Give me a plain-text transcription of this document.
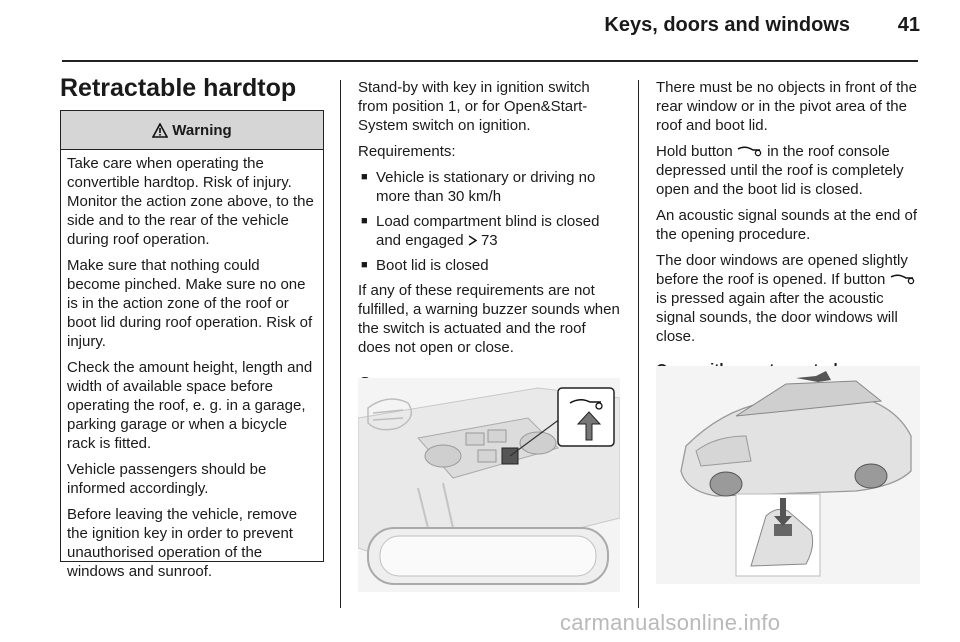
Keys, doors and windows 41
Retractable hardtop
Warning

Take care when operating the convertible hardtop. Risk of injury. Monitor the action zone above, to the side and to the rear of the vehicle during roof operation.

Make sure that nothing could become pinched. Make sure no one is in the action zone of the roof or boot lid during roof operation. Risk of injury.

Check the amount height, length and width of available space before operating the roof, e. g. in a garage, parking garage or when a bicycle rack is fitted.

Vehicle passengers should be informed accordingly.

Before leaving the vehicle, remove the ignition key in order to prevent unauthorised operation of the windows and sunroof.

Stand-by with key in ignition switch from position 1, or for Open&Start-System switch on ignition.

Requirements:

■ Vehicle is stationary or driving no more than 30 km/h
■ Load compartment blind is closed and engaged 73
■ Boot lid is closed

If any of these requirements are not fulfilled, a warning buzzer sounds when the switch is actuated and the roof does not open or close.

There must be no objects in front of the rear window or in the pivot area of the roof and boot lid.

Hold button in the roof console depressed until the roof is completely open and the boot lid is closed.

An acoustic signal sounds at the end of the opening procedure.

The door windows are opened slightly before the roof is opened. If button  is pressed again after the acoustic signal sounds, the door windows will close.

carmanualsonline.info
